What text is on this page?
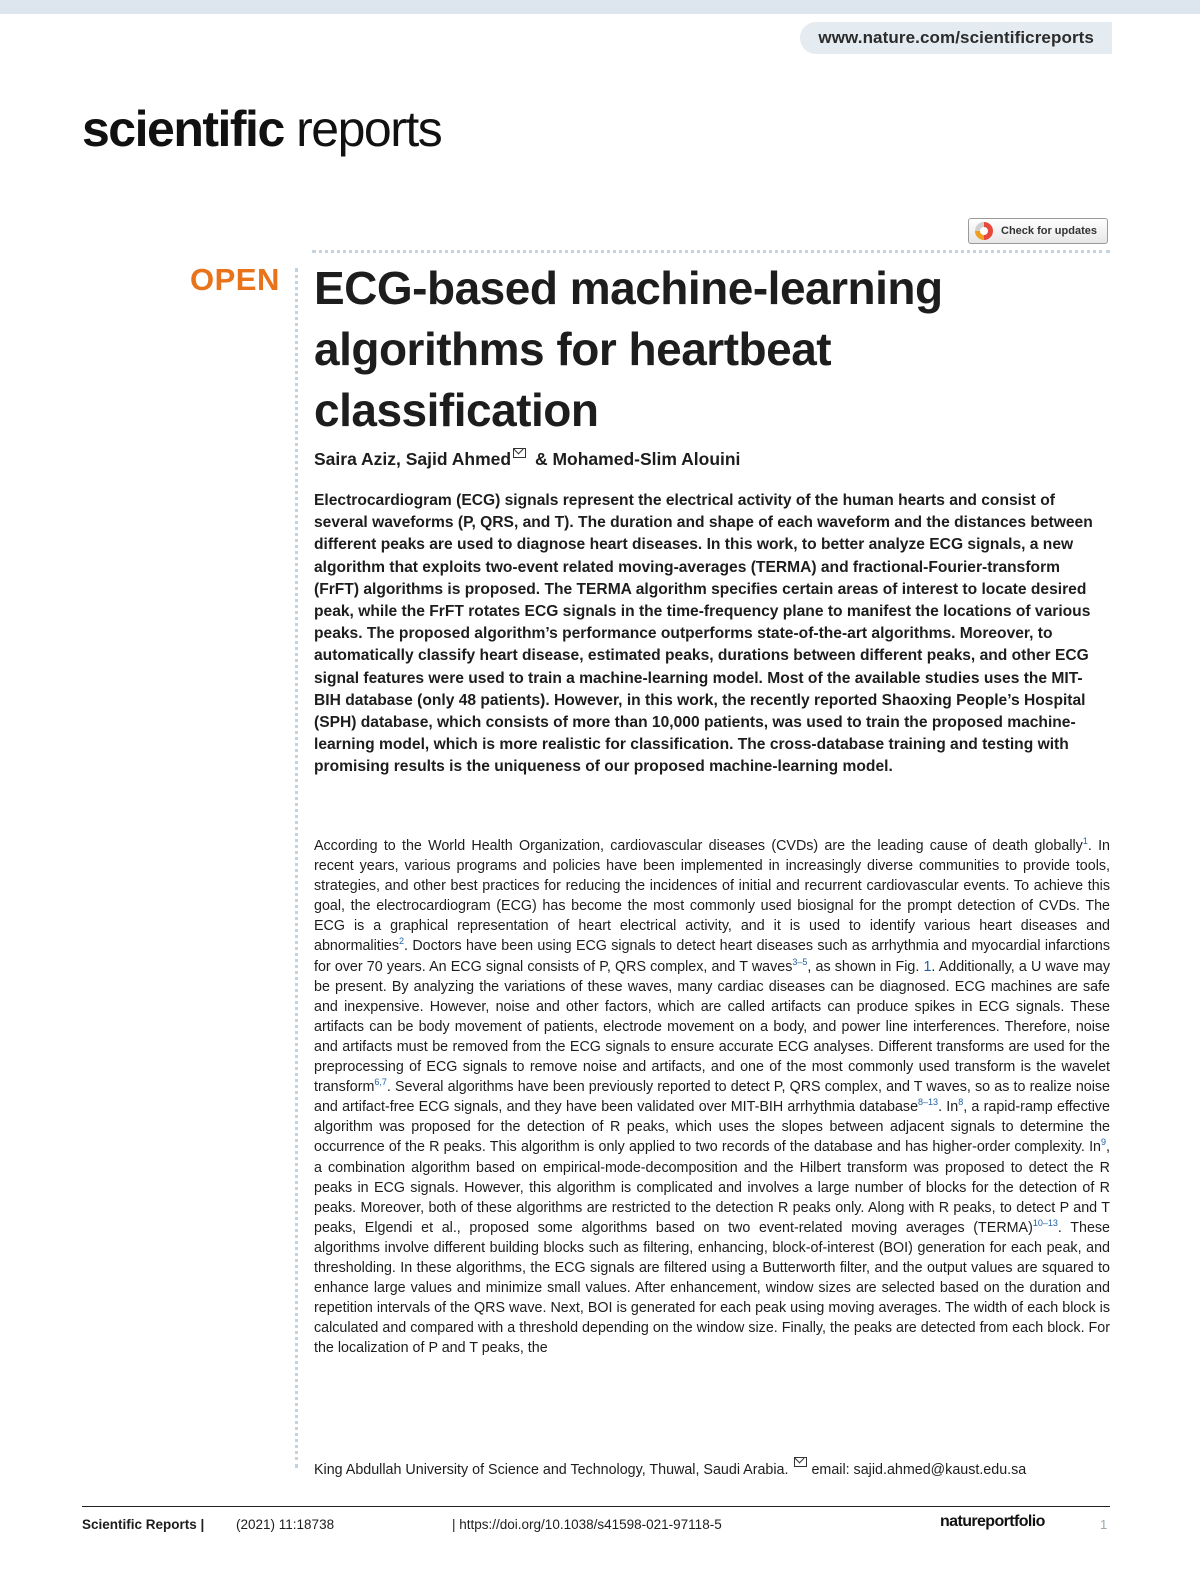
www.nature.com/scientificreports
scientific reports
Check for updates
OPEN ECG-based machine-learning algorithms for heartbeat classification
Saira Aziz, Sajid Ahmed & Mohamed-Slim Alouini

Electrocardiogram (ECG) signals represent the electrical activity of the human hearts and consist of several waveforms (P, QRS, and T). The duration and shape of each waveform and the distances between different peaks are used to diagnose heart diseases. In this work, to better analyze ECG signals, a new algorithm that exploits two-event related moving-averages (TERMA) and fractional-Fourier-transform (FrFT) algorithms is proposed. The TERMA algorithm specifies certain areas of interest to locate desired peak, while the FrFT rotates ECG signals in the time-frequency plane to manifest the locations of various peaks. The proposed algorithm’s performance outperforms state-of-the-art algorithms. Moreover, to automatically classify heart disease, estimated peaks, durations between different peaks, and other ECG signal features were used to train a machine-learning model. Most of the available studies uses the MIT-BIH database (only 48 patients). However, in this work, the recently reported Shaoxing People’s Hospital (SPH) database, which consists of more than 10,000 patients, was used to train the proposed machine-learning model, which is more realistic for classification. The cross-database training and testing with promising results is the uniqueness of our proposed machine-learning model.

According to the World Health Organization, cardiovascular diseases (CVDs) are the leading cause of death globally$^1$. In recent years, various programs and policies have been implemented in increasingly diverse communities to provide tools, strategies, and other best practices for reducing the incidences of initial and recurrent cardiovascular events. To achieve this goal, the electrocardiogram (ECG) has become the most commonly used biosignal for the prompt detection of CVDs. The ECG is a graphical representation of heart electrical activity, and it is used to identify various heart diseases and abnormalities$^2$. Doctors have been using ECG signals to detect heart diseases such as arrhythmia and myocardial infarctions for over 70 years. An ECG signal consists of P, QRS complex, and T waves$^{3-5}$, as shown in Fig. 1. Additionally, a U wave may be present. By analyzing the variations of these waves, many cardiac diseases can be diagnosed. ECG machines are safe and inexpensive. However, noise and other factors, which are called artifacts can produce spikes in ECG signals. These artifacts can be body movement of patients, electrode movement on a body, and power line interferences. Therefore, noise and artifacts must be removed from the ECG signals to ensure accurate ECG analyses. Different transforms are used for the preprocessing of ECG signals to remove noise and artifacts, and one of the most commonly used transform is the wavelet transform$^{6,7}$. Several algorithms have been previously reported to detect P, QRS complex, and T waves, so as to realize noise and artifact-free ECG signals, and they have been validated over MIT-BIH arrhythmia database$^{8-13}$. In$^8$, a rapid-ramp effective algorithm was proposed for the detection of R peaks, which uses the slopes between adjacent signals to determine the occurrence of the R peaks. This algorithm is only applied to two records of the database and has higher-order complexity. In$^9$, a combination algorithm based on empirical-mode-decomposition and the Hilbert transform was proposed to detect the R peaks in ECG signals. However, this algorithm is complicated and involves a large number of blocks for the detection of R peaks. Moreover, both of these algorithms are restricted to the detection R peaks only. Along with R peaks, to detect P and T peaks, Elgendi et al., proposed some algorithms based on two event-related moving averages (TERMA)$^{10-13}$. These algorithms involve different building blocks such as filtering, enhancing, block-of-interest (BOI) generation for each peak, and thresholding. In these algorithms, the ECG signals are filtered using a Butterworth filter, and the output values are squared to enhance large values and minimize small values. After enhancement, window sizes are selected based on the duration and repetition intervals of the QRS wave. Next, BOI is generated for each peak using moving averages. The width of each block is calculated and compared with a threshold depending on the window size. Finally, the peaks are detected from each block. For the localization of P and T peaks, the

King Abdullah University of Science and Technology, Thuwal, Saudi Arabia. email: sajid.ahmed@kaust.edu.sa
Scientific Reports | (2021) 11:18738	| https://doi.org/10.1038/s41598-021-97118-5	natureportfolio	1
